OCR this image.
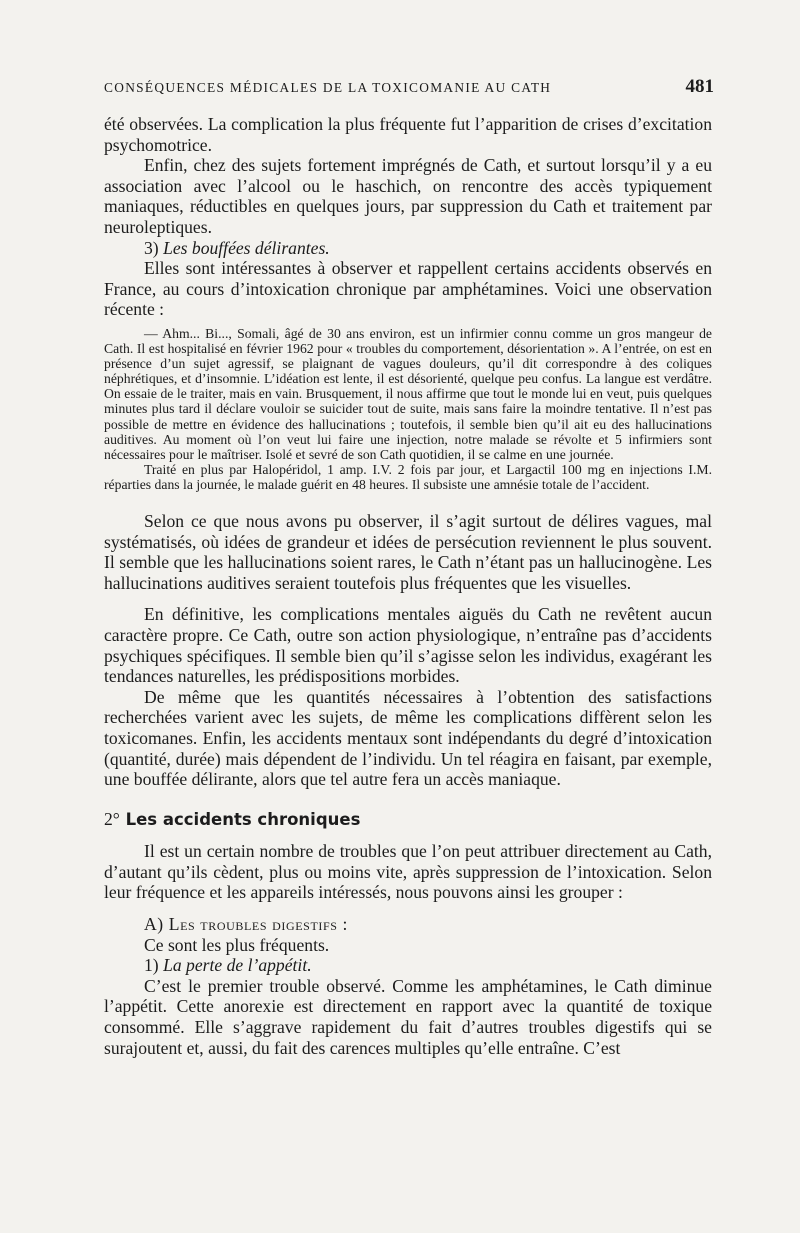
CONSÉQUENCES MÉDICALES DE LA TOXICOMANIE AU CATH	481

été observées. La complication la plus fréquente fut l’apparition de crises d’excitation psychomotrice.

Enfin, chez des sujets fortement imprégnés de Cath, et surtout lorsqu’il y a eu association avec l’alcool ou le haschich, on rencontre des accès typiquement maniaques, réductibles en quelques jours, par suppression du Cath et traitement par neuroleptiques.

3) Les bouffées délirantes.

Elles sont intéressantes à observer et rappellent certains accidents observés en France, au cours d’intoxication chronique par amphétamines. Voici une observation récente :

— Ahm... Bi..., Somali, âgé de 30 ans environ, est un infirmier connu comme un gros mangeur de Cath. Il est hospitalisé en février 1962 pour « troubles du comportement, désorientation ». A l’entrée, on est en présence d’un sujet agressif, se plaignant de vagues douleurs, qu’il dit correspondre à des coliques néphrétiques, et d’insomnie. L’idéation est lente, il est désorienté, quelque peu confus. La langue est verdâtre. On essaie de le traiter, mais en vain. Brusquement, il nous affirme que tout le monde lui en veut, puis quelques minutes plus tard il déclare vouloir se suicider tout de suite, mais sans faire la moindre tentative. Il n’est pas possible de mettre en évidence des hallucinations ; toutefois, il semble bien qu’il ait eu des hallucinations auditives. Au moment où l’on veut lui faire une injection, notre malade se révolte et 5 infirmiers sont nécessaires pour le maîtriser. Isolé et sevré de son Cath quotidien, il se calme en une journée.

Traité en plus par Halopéridol, 1 amp. I.V. 2 fois par jour, et Largactil 100 mg en injections I.M. réparties dans la journée, le malade guérit en 48 heures. Il subsiste une amnésie totale de l’accident.

Selon ce que nous avons pu observer, il s’agit surtout de délires vagues, mal systématisés, où idées de grandeur et idées de persécution reviennent le plus souvent. Il semble que les hallucinations soient rares, le Cath n’étant pas un hallucinogène. Les hallucinations auditives seraient toutefois plus fréquentes que les visuelles.

En définitive, les complications mentales aiguës du Cath ne revêtent aucun caractère propre. Ce Cath, outre son action physiologique, n’entraîne pas d’accidents psychiques spécifiques. Il semble bien qu’il s’agisse selon les individus, exagérant les tendances naturelles, les prédispositions morbides.

De même que les quantités nécessaires à l’obtention des satisfactions recherchées varient avec les sujets, de même les complications diffèrent selon les toxicomanes. Enfin, les accidents mentaux sont indépendants du degré d’intoxication (quantité, durée) mais dépendent de l’individu. Un tel réagira en faisant, par exemple, une bouffée délirante, alors que tel autre fera un accès maniaque.

2° Les accidents chroniques

Il est un certain nombre de troubles que l’on peut attribuer directement au Cath, d’autant qu’ils cèdent, plus ou moins vite, après suppression de l’intoxication. Selon leur fréquence et les appareils intéressés, nous pouvons ainsi les grouper :

A) Les troubles digestifs :

Ce sont les plus fréquents.

1) La perte de l’appétit.

C’est le premier trouble observé. Comme les amphétamines, le Cath diminue l’appétit. Cette anorexie est directement en rapport avec la quantité de toxique consommé. Elle s’aggrave rapidement du fait d’autres troubles digestifs qui se surajoutent et, aussi, du fait des carences multiples qu’elle entraîne. C’est
